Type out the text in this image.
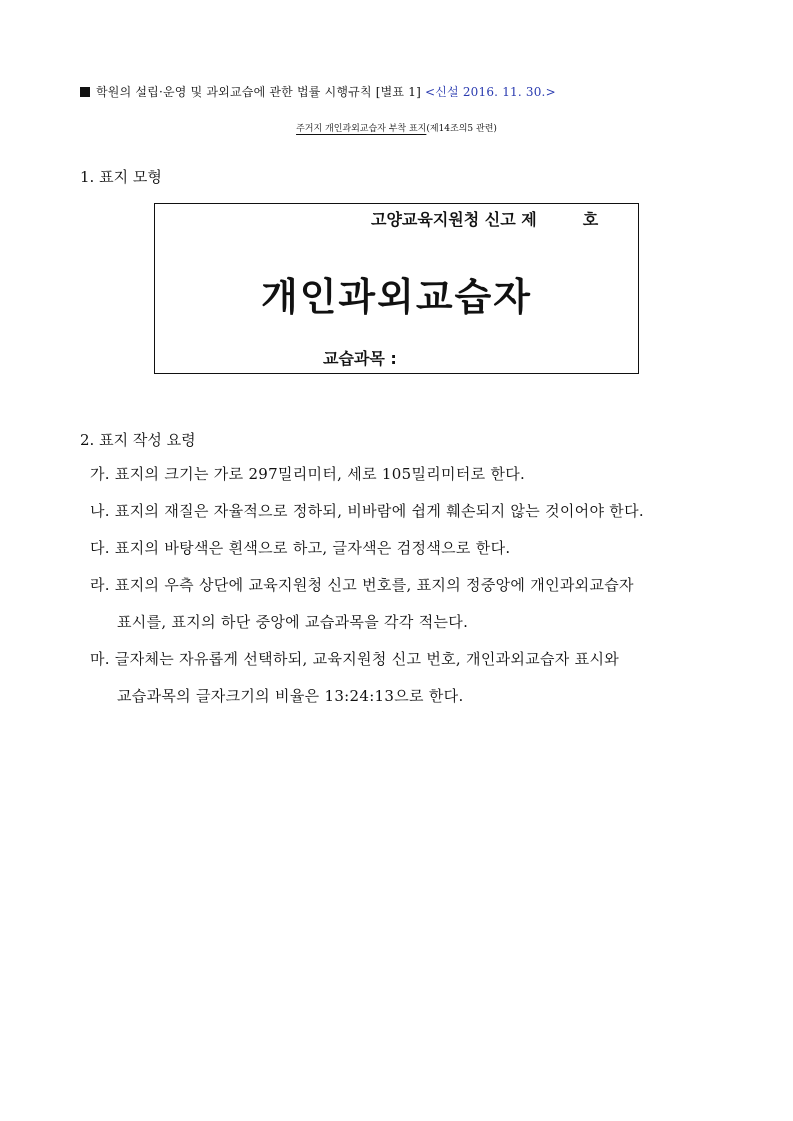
학원의 설립·운영 및 과외교습에 관한 법률 시행규칙 [별표 1] <신설 2016. 11. 30.>
주거지 개인과외교습자 부착 표지(제14조의5 관련)
1. 표지 모형
고양교육지원청 신고 제	호
개인과외교습자
교습과목 :
2. 표지 작성 요령
가. 표지의 크기는 가로 297밀리미터, 세로 105밀리미터로 한다.
나. 표지의 재질은 자율적으로 정하되, 비바람에 쉽게 훼손되지 않는 것이어야 한다.
다. 표지의 바탕색은 흰색으로 하고, 글자색은 검정색으로 한다.
라. 표지의 우측 상단에 교육지원청 신고 번호를, 표지의 정중앙에 개인과외교습자
표시를, 표지의 하단 중앙에 교습과목을 각각 적는다.
마. 글자체는 자유롭게 선택하되, 교육지원청 신고 번호, 개인과외교습자 표시와
교습과목의 글자크기의 비율은 13:24:13으로 한다.
